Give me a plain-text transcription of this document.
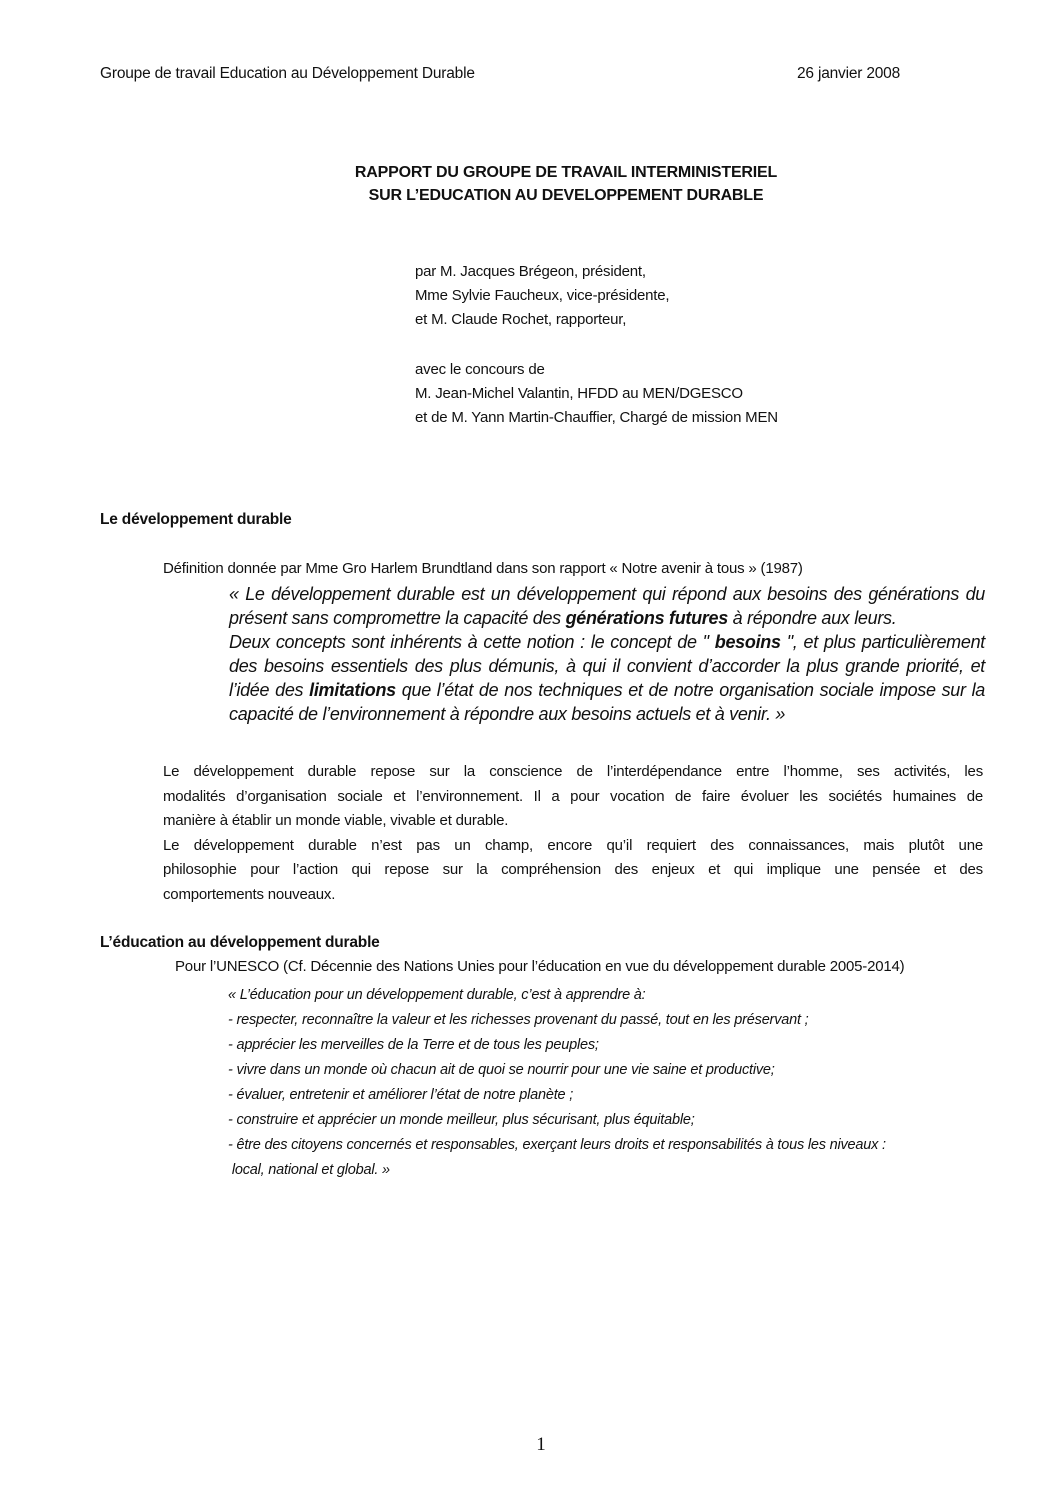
Groupe de travail Education au Développement Durable	26 janvier 2008
RAPPORT DU GROUPE DE TRAVAIL INTERMINISTERIEL
SUR L’EDUCATION AU DEVELOPPEMENT DURABLE
par M. Jacques Brégeon, président,
Mme Sylvie Faucheux, vice-présidente,
et M. Claude Rochet, rapporteur,
avec le concours de
M. Jean-Michel Valantin, HFDD au MEN/DGESCO
et de M. Yann Martin-Chauffier, Chargé de mission MEN
Le développement durable
Définition donnée par Mme Gro Harlem Brundtland dans son rapport « Notre avenir à tous » (1987)
« Le développement durable est un développement qui répond aux besoins des générations du
présent sans compromettre la capacité des générations futures à répondre aux leurs.
Deux concepts sont inhérents à cette notion : le concept de " besoins ", et plus particulièrement
des besoins essentiels des plus démunis, à qui il convient d’accorder la plus grande priorité, et
l’idée des limitations que l’état de nos techniques et de notre organisation sociale impose sur la
capacité de l’environnement à répondre aux besoins actuels et à venir. »
Le développement durable repose sur la conscience de l’interdépendance entre l’homme, ses activités, les
modalités d’organisation sociale et l’environnement. Il a pour vocation de faire évoluer les sociétés humaines de
manière à établir un monde viable, vivable et durable.
Le développement durable n’est pas un champ, encore qu’il requiert des connaissances, mais plutôt une
philosophie pour l’action qui repose sur la compréhension des enjeux et qui implique une pensée et des
comportements nouveaux.
L’éducation au développement durable
Pour l’UNESCO (Cf. Décennie des Nations Unies pour l’éducation en vue du développement durable 2005-2014)
« L’éducation pour un développement durable, c’est à apprendre à:
- respecter, reconnaître la valeur et les richesses provenant du passé, tout en les préservant ;
- apprécier les merveilles de la Terre et de tous les peuples;
- vivre dans un monde où chacun ait de quoi se nourrir pour une vie saine et productive;
- évaluer, entretenir et améliorer l’état de notre planète ;
- construire et apprécier un monde meilleur, plus sécurisant, plus équitable;
- être des citoyens concernés et responsables, exerçant leurs droits et responsabilités à tous les niveaux :
local, national et global. »
1
